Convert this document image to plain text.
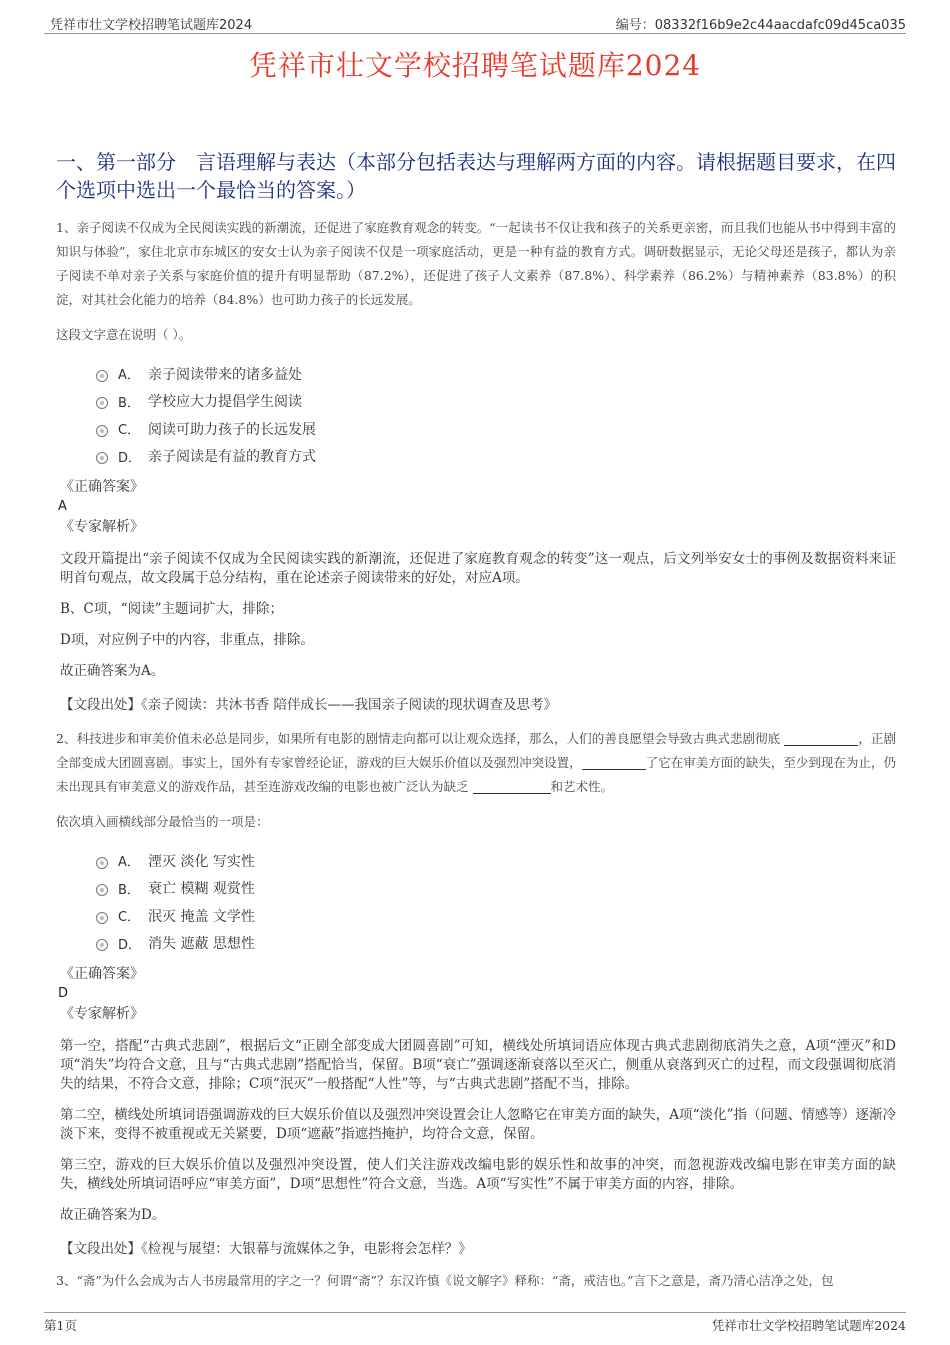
凭祥市壮文学校招聘笔试题库2024	编号：08332f16b9e2c44aacdafc09d45ca035
凭祥市壮文学校招聘笔试题库2024
一、第一部分　言语理解与表达（本部分包括表达与理解两方面的内容。请根据题目要求，在四个选项中选出一个最恰当的答案。）

1、亲子阅读不仅成为全民阅读实践的新潮流，还促进了家庭教育观念的转变。“一起读书不仅让我和孩子的关系更亲密，而且我们也能从书中得到丰富的知识与体验”，家住北京市东城区的安女士认为亲子阅读不仅是一项家庭活动，更是一种有益的教育方式。调研数据显示，无论父母还是孩子，都认为亲子阅读不单对亲子关系与家庭价值的提升有明显帮助（87.2%），还促进了孩子人文素养（87.8%）、科学素养（86.2%）与精神素养（83.8%）的积淀，对其社会化能力的培养（84.8%）也可助力孩子的长远发展。

这段文字意在说明（ ）。

A． 亲子阅读带来的诸多益处
B． 学校应大力提倡学生阅读
C． 阅读可助力孩子的长远发展
D． 亲子阅读是有益的教育方式

《正确答案》

A

《专家解析》

文段开篇提出“亲子阅读不仅成为全民阅读实践的新潮流，还促进了家庭教育观念的转变”这一观点，后文列举安女士的事例及数据资料来证明首句观点，故文段属于总分结构，重在论述亲子阅读带来的好处，对应A项。

B、C项，“阅读”主题词扩大，排除；

D项，对应例子中的内容，非重点，排除。

故正确答案为A。

【文段出处】《亲子阅读：共沐书香 陪伴成长——我国亲子阅读的现状调查及思考》

2、科技进步和审美价值未必总是同步，如果所有电影的剧情走向都可以让观众选择，那么，人们的善良愿望会导致古典式悲剧彻底	，正剧全部变成大团圆喜剧。事实上，国外有专家曾经论证，游戏的巨大娱乐价值以及强烈冲突设置，	了它在审美方面的缺失，至少到现在为止，仍未出现具有审美意义的游戏作品，甚至连游戏改编的电影也被广泛认为缺乏	和艺术性。

依次填入画横线部分最恰当的一项是：

A． 湮灭 淡化 写实性
B． 衰亡 模糊 观赏性
C． 泯灭 掩盖 文学性
D． 消失 遮蔽 思想性

《正确答案》

D

《专家解析》

第一空，搭配“古典式悲剧”，根据后文“正剧全部变成大团圆喜剧”可知，横线处所填词语应体现古典式悲剧彻底消失之意，A项“湮灭”和D项“消失”均符合文意，且与“古典式悲剧”搭配恰当，保留。B项“衰亡”强调逐渐衰落以至灭亡，侧重从衰落到灭亡的过程，而文段强调彻底消失的结果，不符合文意，排除；C项“泯灭”一般搭配“人性”等，与“古典式悲剧”搭配不当，排除。

第二空，横线处所填词语强调游戏的巨大娱乐价值以及强烈冲突设置会让人忽略它在审美方面的缺失，A项“淡化”指（问题、情感等）逐渐冷淡下来，变得不被重视或无关紧要，D项“遮蔽”指遮挡掩护，均符合文意，保留。

第三空，游戏的巨大娱乐价值以及强烈冲突设置，使人们关注游戏改编电影的娱乐性和故事的冲突，而忽视游戏改编电影在审美方面的缺失，横线处所填词语呼应“审美方面”，D项“思想性”符合文意，当选。A项“写实性”不属于审美方面的内容，排除。

故正确答案为D。

【文段出处】《检视与展望：大银幕与流媒体之争，电影将会怎样？》

3、“斋”为什么会成为古人书房最常用的字之一？何谓“斋”？东汉许慎《说文解字》释称：“斋，戒洁也。”言下之意是，斋乃清心洁净之处，包

第1页	凭祥市壮文学校招聘笔试题库2024
